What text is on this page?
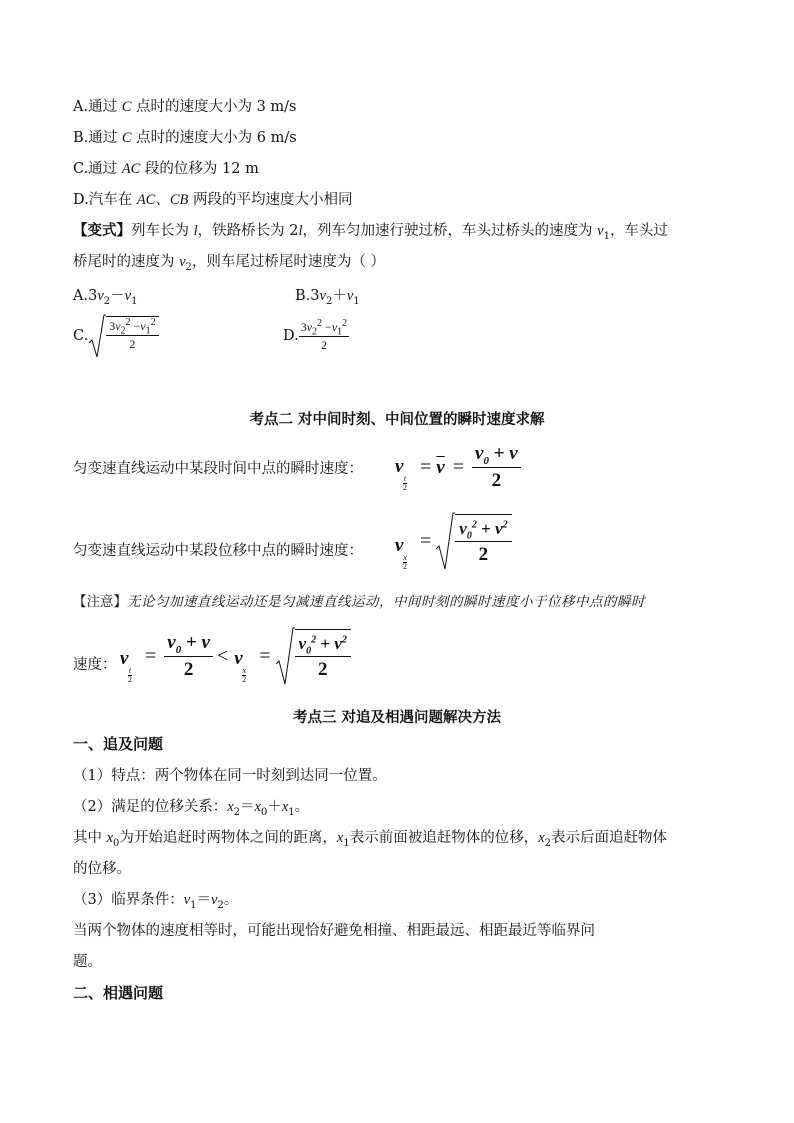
A.通过 C 点时的速度大小为 3 m/s
B.通过 C 点时的速度大小为 6 m/s
C.通过 AC 段的位移为 12 m
D.汽车在 AC、CB 两段的平均速度大小相同
【变式】列车长为 l，铁路桥长为 2l，列车匀加速行驶过桥，车头过桥头的速度为 $v_1$，车头过
桥尾时的速度为 $v_2$，则车尾过桥尾时速度为（ ）
$A.3v_2-v_1$	$B.3v_2+v_1$
C.
$3v_2^2 -v_1^2$
2	D.
$3v_2^2 -v_1^2$
2
考点二 对中间时刻、中间位置的瞬时速度求解
匀变速直线运动中某段时间中点的瞬时速度： v
t
2
= $\overline{v} = \frac{v_0 + v}{2}$
匀变速直线运动中某段位移中点的瞬时速度： v
x
2
=
$v_0^2 + v^2$
2
【注意】无论匀加速直线运动还是匀减速直线运动，中间时刻的瞬时速度小于位移中点的瞬时
速度： v
t
2
= $\frac{v_0 + v}{2} < v$
x
2
=
$v_0^2 + v^2$
2
考点三 对追及相遇问题解决方法
一、追及问题
（1）特点：两个物体在同一时刻到达同一位置。
（2）满足的位移关系：$x_2=x_0+x_1$。
其中 $x_0$为开始追赶时两物体之间的距离，$x_1$表示前面被追赶物体的位移，$x_2$表示后面追赶物体
的位移。
（3）临界条件：$v_1=v_2$。
当两个物体的速度相等时，可能出现恰好避免相撞、相距最远、相距最近等临界问
题。
二、相遇问题
